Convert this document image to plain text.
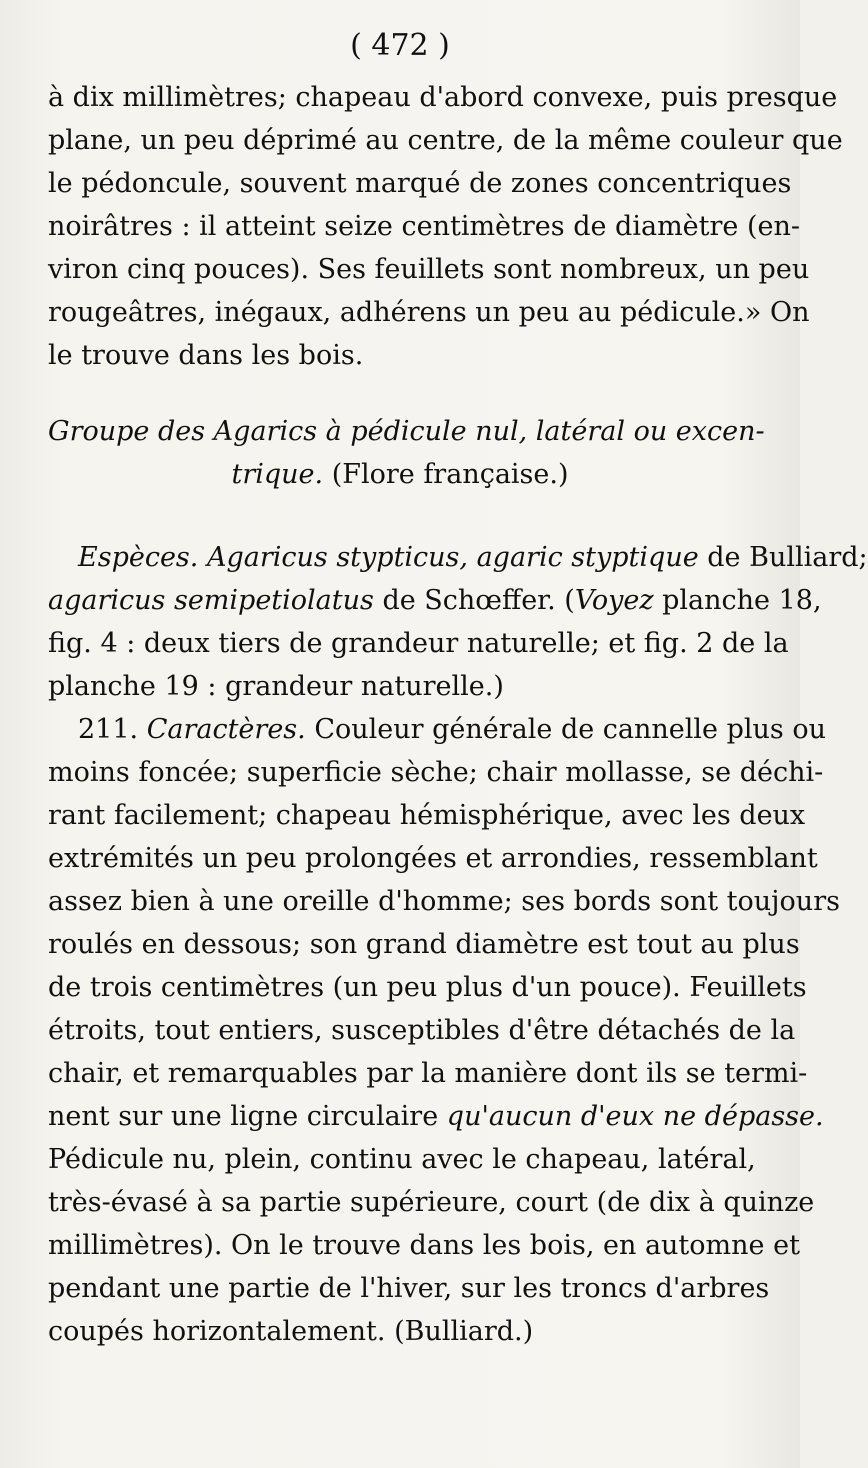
( 472 )
à dix millimètres; chapeau d'abord convexe, puis presque
plane, un peu déprimé au centre, de la même couleur que
le pédoncule, souvent marqué de zones concentriques
noirâtres : il atteint seize centimètres de diamètre (en-
viron cinq pouces). Ses feuillets sont nombreux, un peu
rougeâtres, inégaux, adhérens un peu au pédicule.» On
le trouve dans les bois.
Groupe des Agarics à pédicule nul, latéral ou excen-
trique. (Flore française.)
Espèces. Agaricus stypticus, agaric styptique de Bulliard;
agaricus semipetiolatus de Schœffer. (Voyez planche 18,
fig. 4 : deux tiers de grandeur naturelle; et fig. 2 de la
planche 19 : grandeur naturelle.)
211. Caractères. Couleur générale de cannelle plus ou
moins foncée; superficie sèche; chair mollasse, se déchi-
rant facilement; chapeau hémisphérique, avec les deux
extrémités un peu prolongées et arrondies, ressemblant
assez bien à une oreille d'homme; ses bords sont toujours
roulés en dessous; son grand diamètre est tout au plus
de trois centimètres (un peu plus d'un pouce). Feuillets
étroits, tout entiers, susceptibles d'être détachés de la
chair, et remarquables par la manière dont ils se termi-
nent sur une ligne circulaire qu'aucun d'eux ne dépasse.
Pédicule nu, plein, continu avec le chapeau, latéral,
très-évasé à sa partie supérieure, court (de dix à quinze
millimètres). On le trouve dans les bois, en automne et
pendant une partie de l'hiver, sur les troncs d'arbres
coupés horizontalement. (Bulliard.)
